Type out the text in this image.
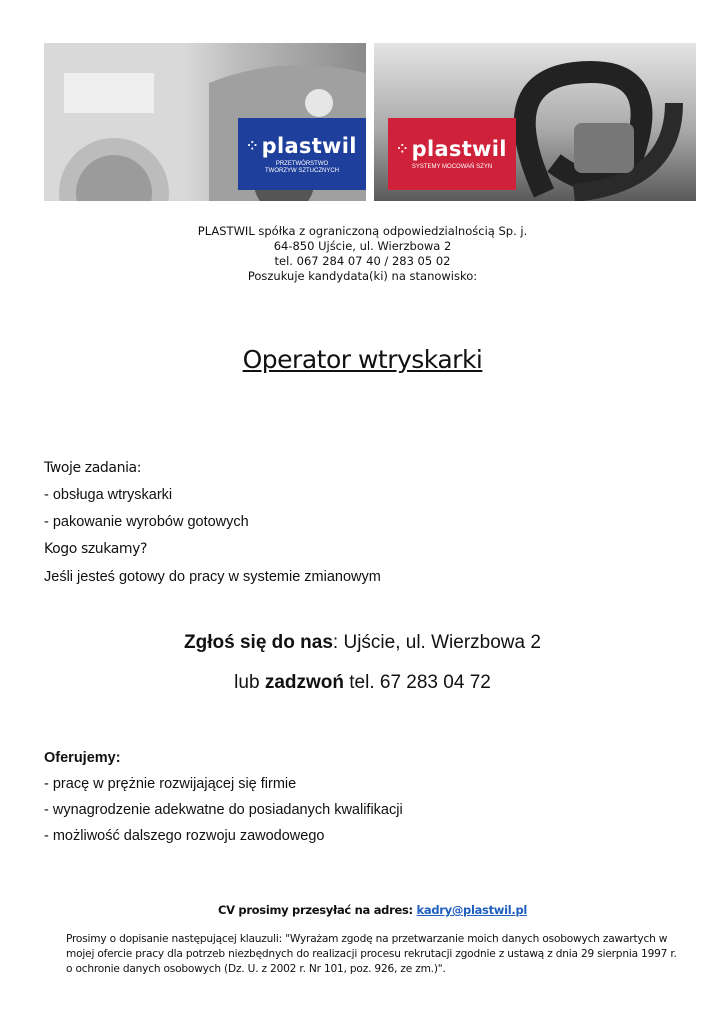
⁘ plastwil
PRZETWÓRSTWO
TWORZYW SZTUCZNYCH
⁘ plastwil
SYSTEMY MOCOWAŃ SZYN
PLASTWIL spółka z ograniczoną odpowiedzialnością Sp. j.
64-850 Ujście, ul. Wierzbowa 2
tel. 067 284 07 40 / 283 05 02
Poszukuje kandydata(ki) na stanowisko:
Operator wtryskarki
Twoje zadania:
- obsługa wtryskarki
- pakowanie wyrobów gotowych
Kogo szukamy?
Jeśli jesteś gotowy do pracy w systemie zmianowym
Zgłoś się do nas: Ujście, ul. Wierzbowa 2
lub zadzwoń tel. 67 283 04 72
Oferujemy:
- pracę w prężnie rozwijającej się firmie
- wynagrodzenie adekwatne do posiadanych kwalifikacji
- możliwość dalszego rozwoju zawodowego
CV prosimy przesyłać na adres: kadry@plastwil.pl
Prosimy o dopisanie następującej klauzuli: "Wyrażam zgodę na przetwarzanie moich danych osobowych zawartych w mojej ofercie pracy dla potrzeb niezbędnych do realizacji procesu rekrutacji zgodnie z ustawą z dnia 29 sierpnia 1997 r. o ochronie danych osobowych (Dz. U. z 2002 r. Nr 101, poz. 926, ze zm.)".
